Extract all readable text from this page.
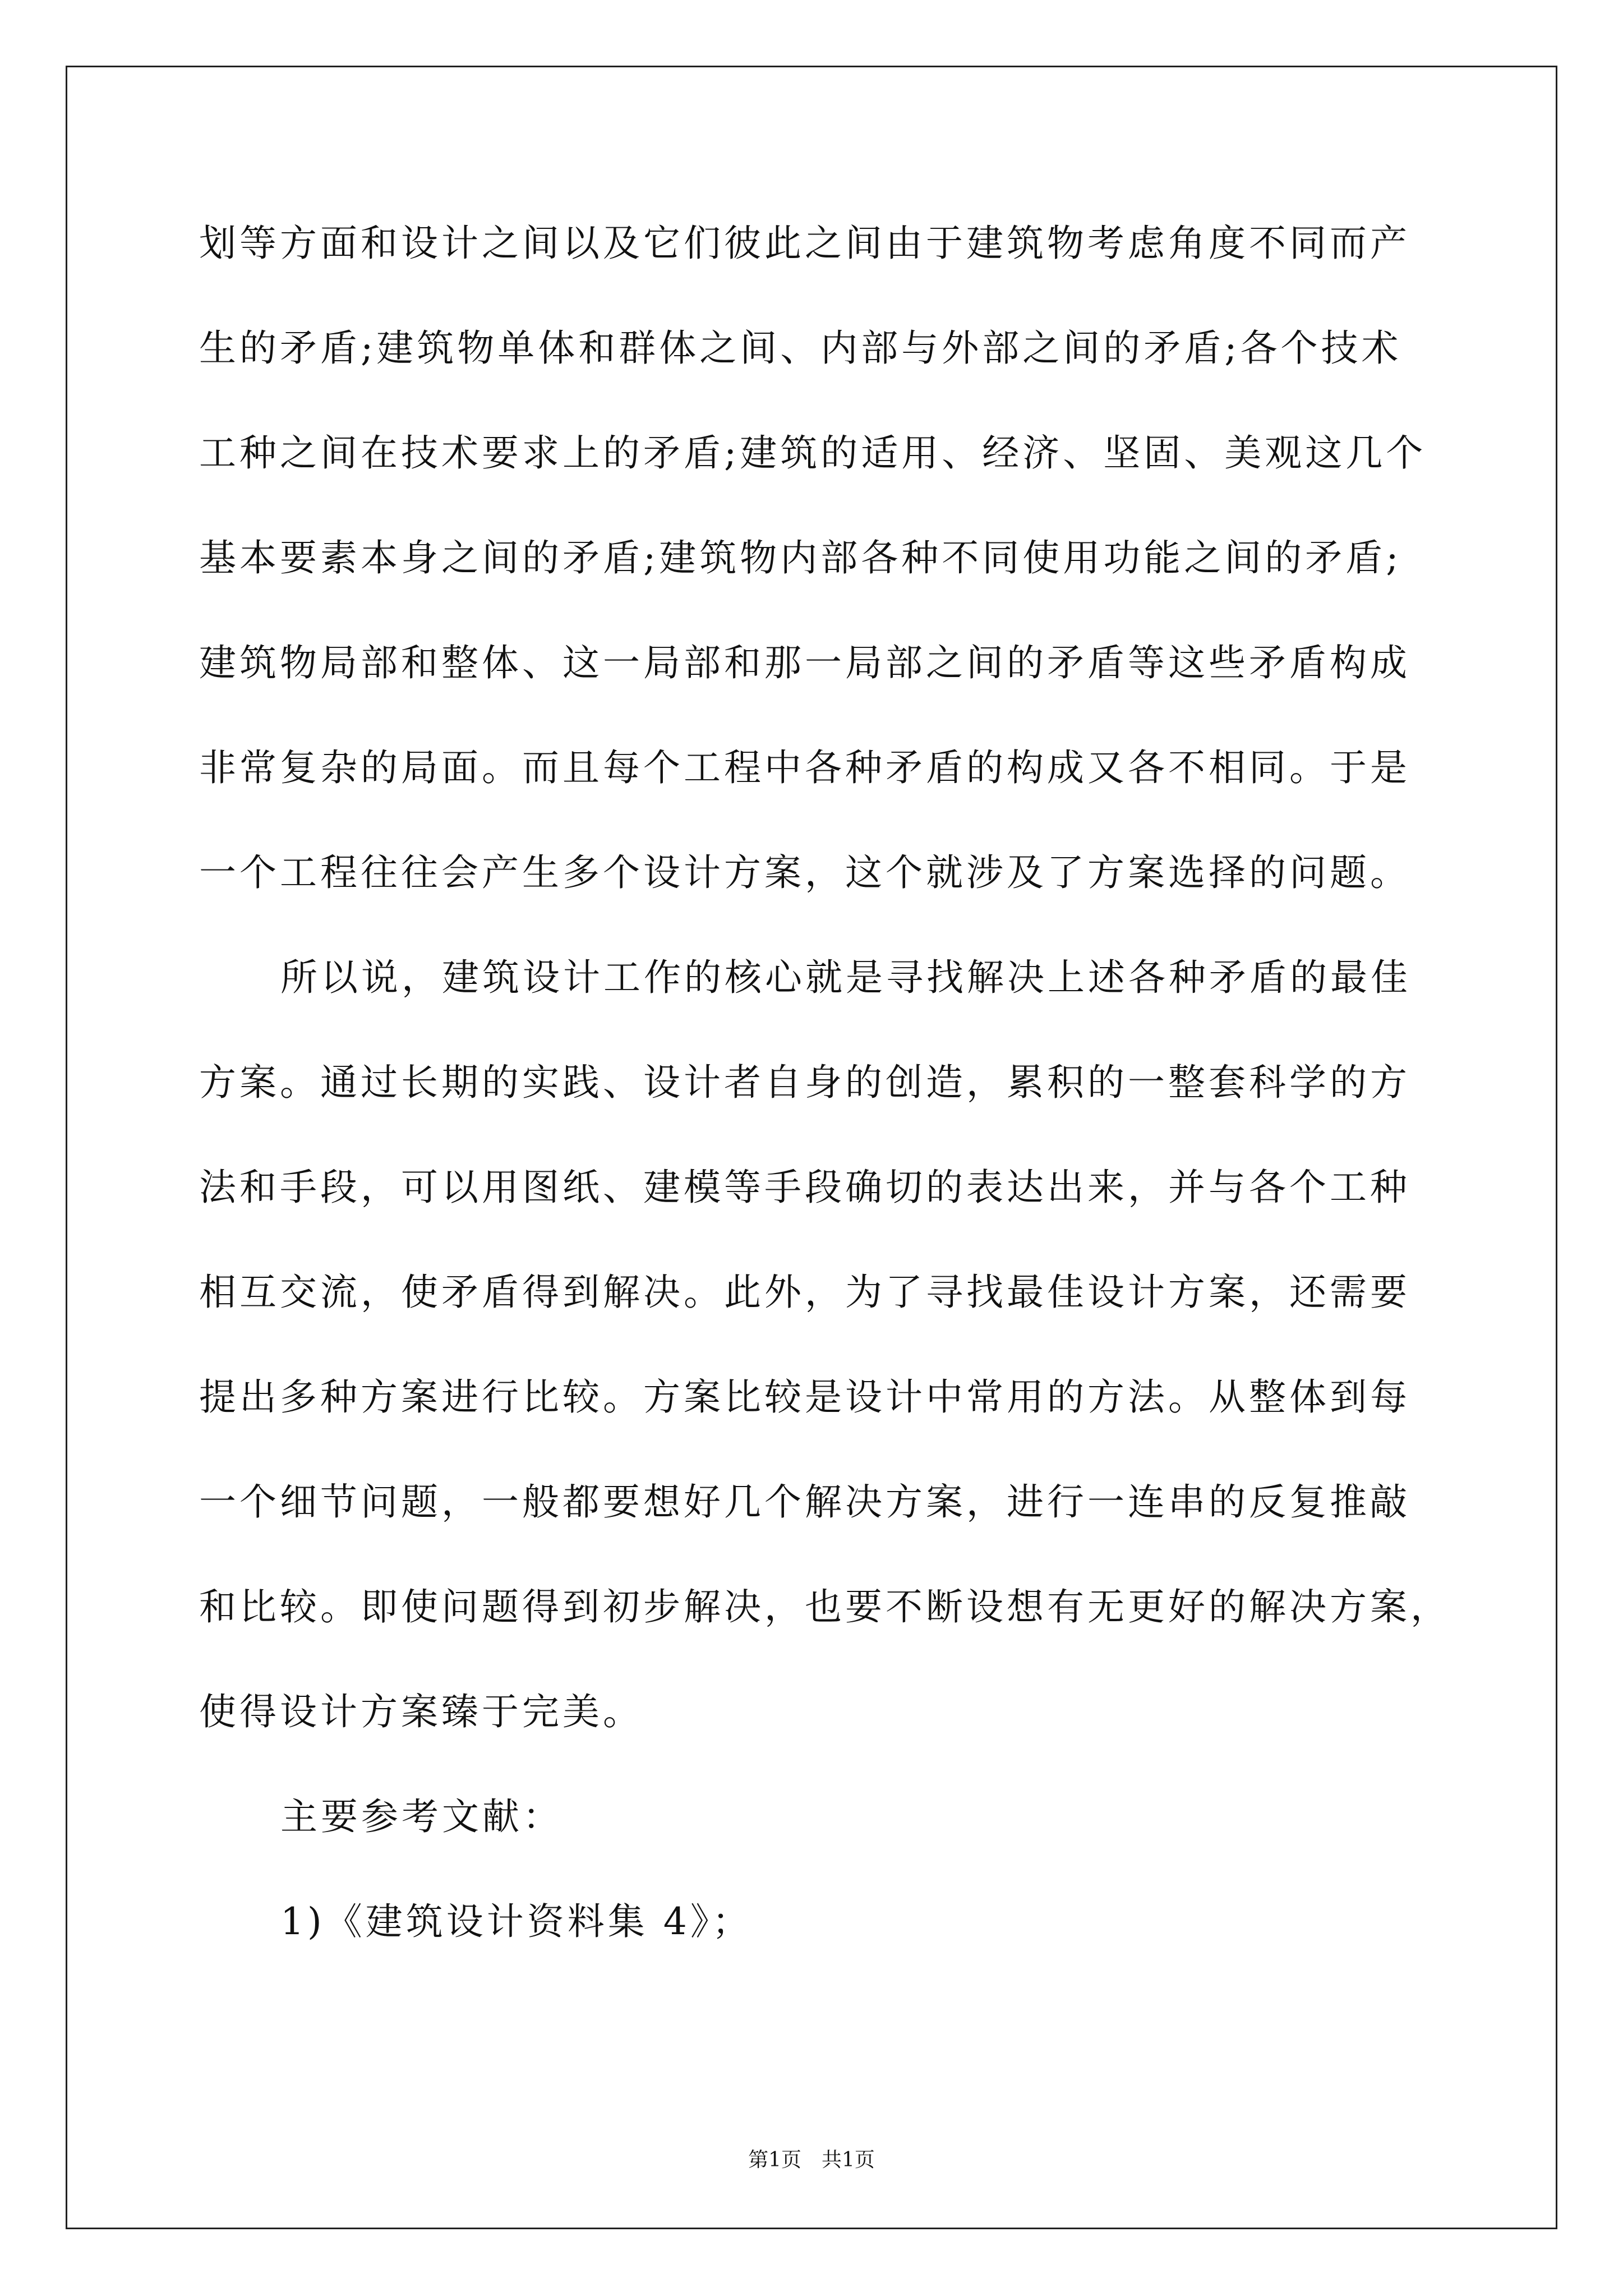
划等方面和设计之间以及它们彼此之间由于建筑物考虑角度不同而产
生的矛盾;建筑物单体和群体之间、内部与外部之间的矛盾;各个技术
工种之间在技术要求上的矛盾;建筑的适用、经济、坚固、美观这几个
基本要素本身之间的矛盾;建筑物内部各种不同使用功能之间的矛盾;
建筑物局部和整体、这一局部和那一局部之间的矛盾等这些矛盾构成
非常复杂的局面。而且每个工程中各种矛盾的构成又各不相同。于是
一个工程往往会产生多个设计方案，这个就涉及了方案选择的问题。
所以说，建筑设计工作的核心就是寻找解决上述各种矛盾的最佳
方案。通过长期的实践、设计者自身的创造，累积的一整套科学的方
法和手段，可以用图纸、建模等手段确切的表达出来，并与各个工种
相互交流，使矛盾得到解决。此外，为了寻找最佳设计方案，还需要
提出多种方案进行比较。方案比较是设计中常用的方法。从整体到每
一个细节问题，一般都要想好几个解决方案，进行一连串的反复推敲
和比较。即使问题得到初步解决，也要不断设想有无更好的解决方案，
使得设计方案臻于完美。
主要参考文献：
1)《建筑设计资料集 4》；
第1页　共1页
